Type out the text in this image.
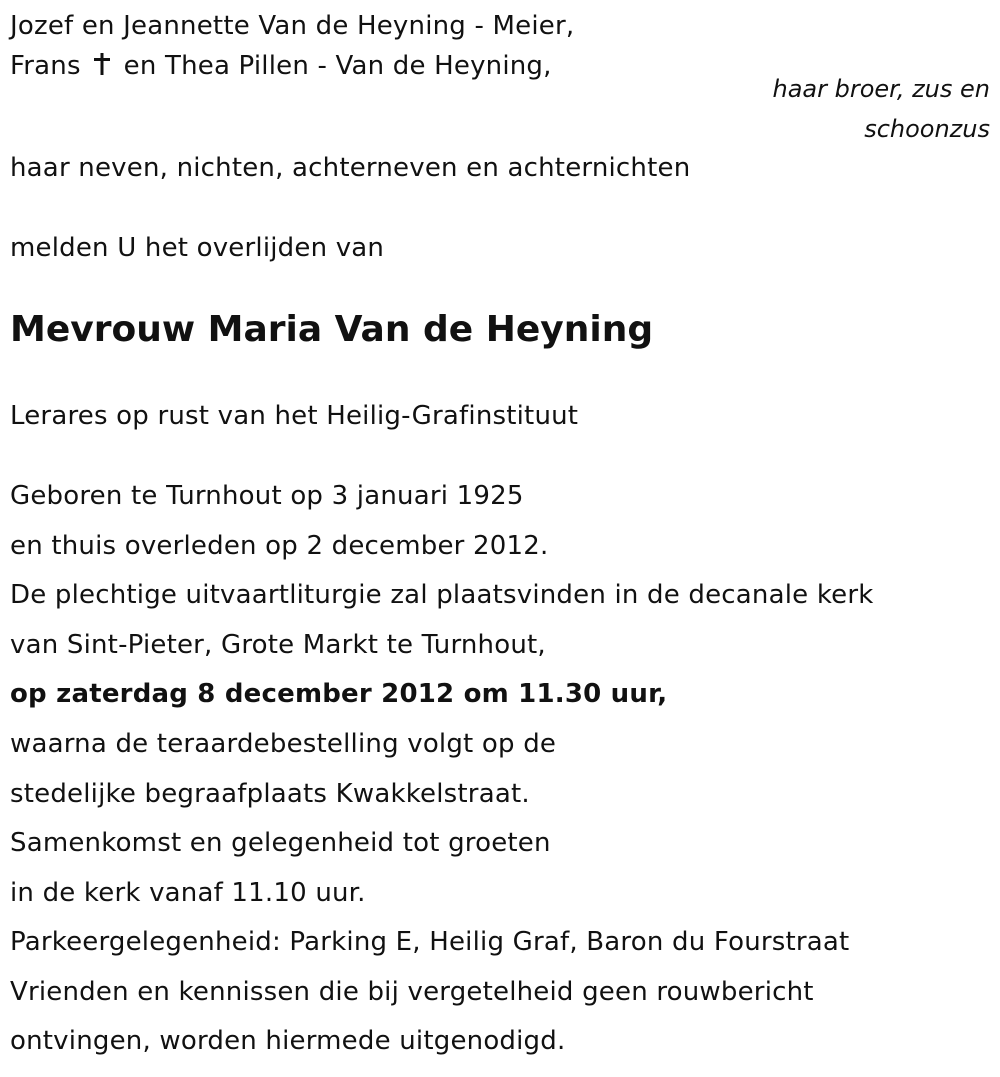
Jozef en Jeannette Van de Heyning - Meier,
Frans en Thea Pillen - Van de Heyning,
haar broer, zus en
schoonzus
haar neven, nichten, achterneven en achternichten
melden U het overlijden van
Mevrouw Maria Van de Heyning
Lerares op rust van het Heilig-Grafinstituut
Geboren te Turnhout op 3 januari 1925
en thuis overleden op 2 december 2012.
De plechtige uitvaartliturgie zal plaatsvinden in de decanale kerk
van Sint-Pieter, Grote Markt te Turnhout,
op zaterdag 8 december 2012 om 11.30 uur,
waarna de teraardebestelling volgt op de
stedelijke begraafplaats Kwakkelstraat.
Samenkomst en gelegenheid tot groeten
in de kerk vanaf 11.10 uur.
Parkeergelegenheid: Parking E, Heilig Graf, Baron du Fourstraat
Vrienden en kennissen die bij vergetelheid geen rouwbericht
ontvingen, worden hiermede uitgenodigd.
